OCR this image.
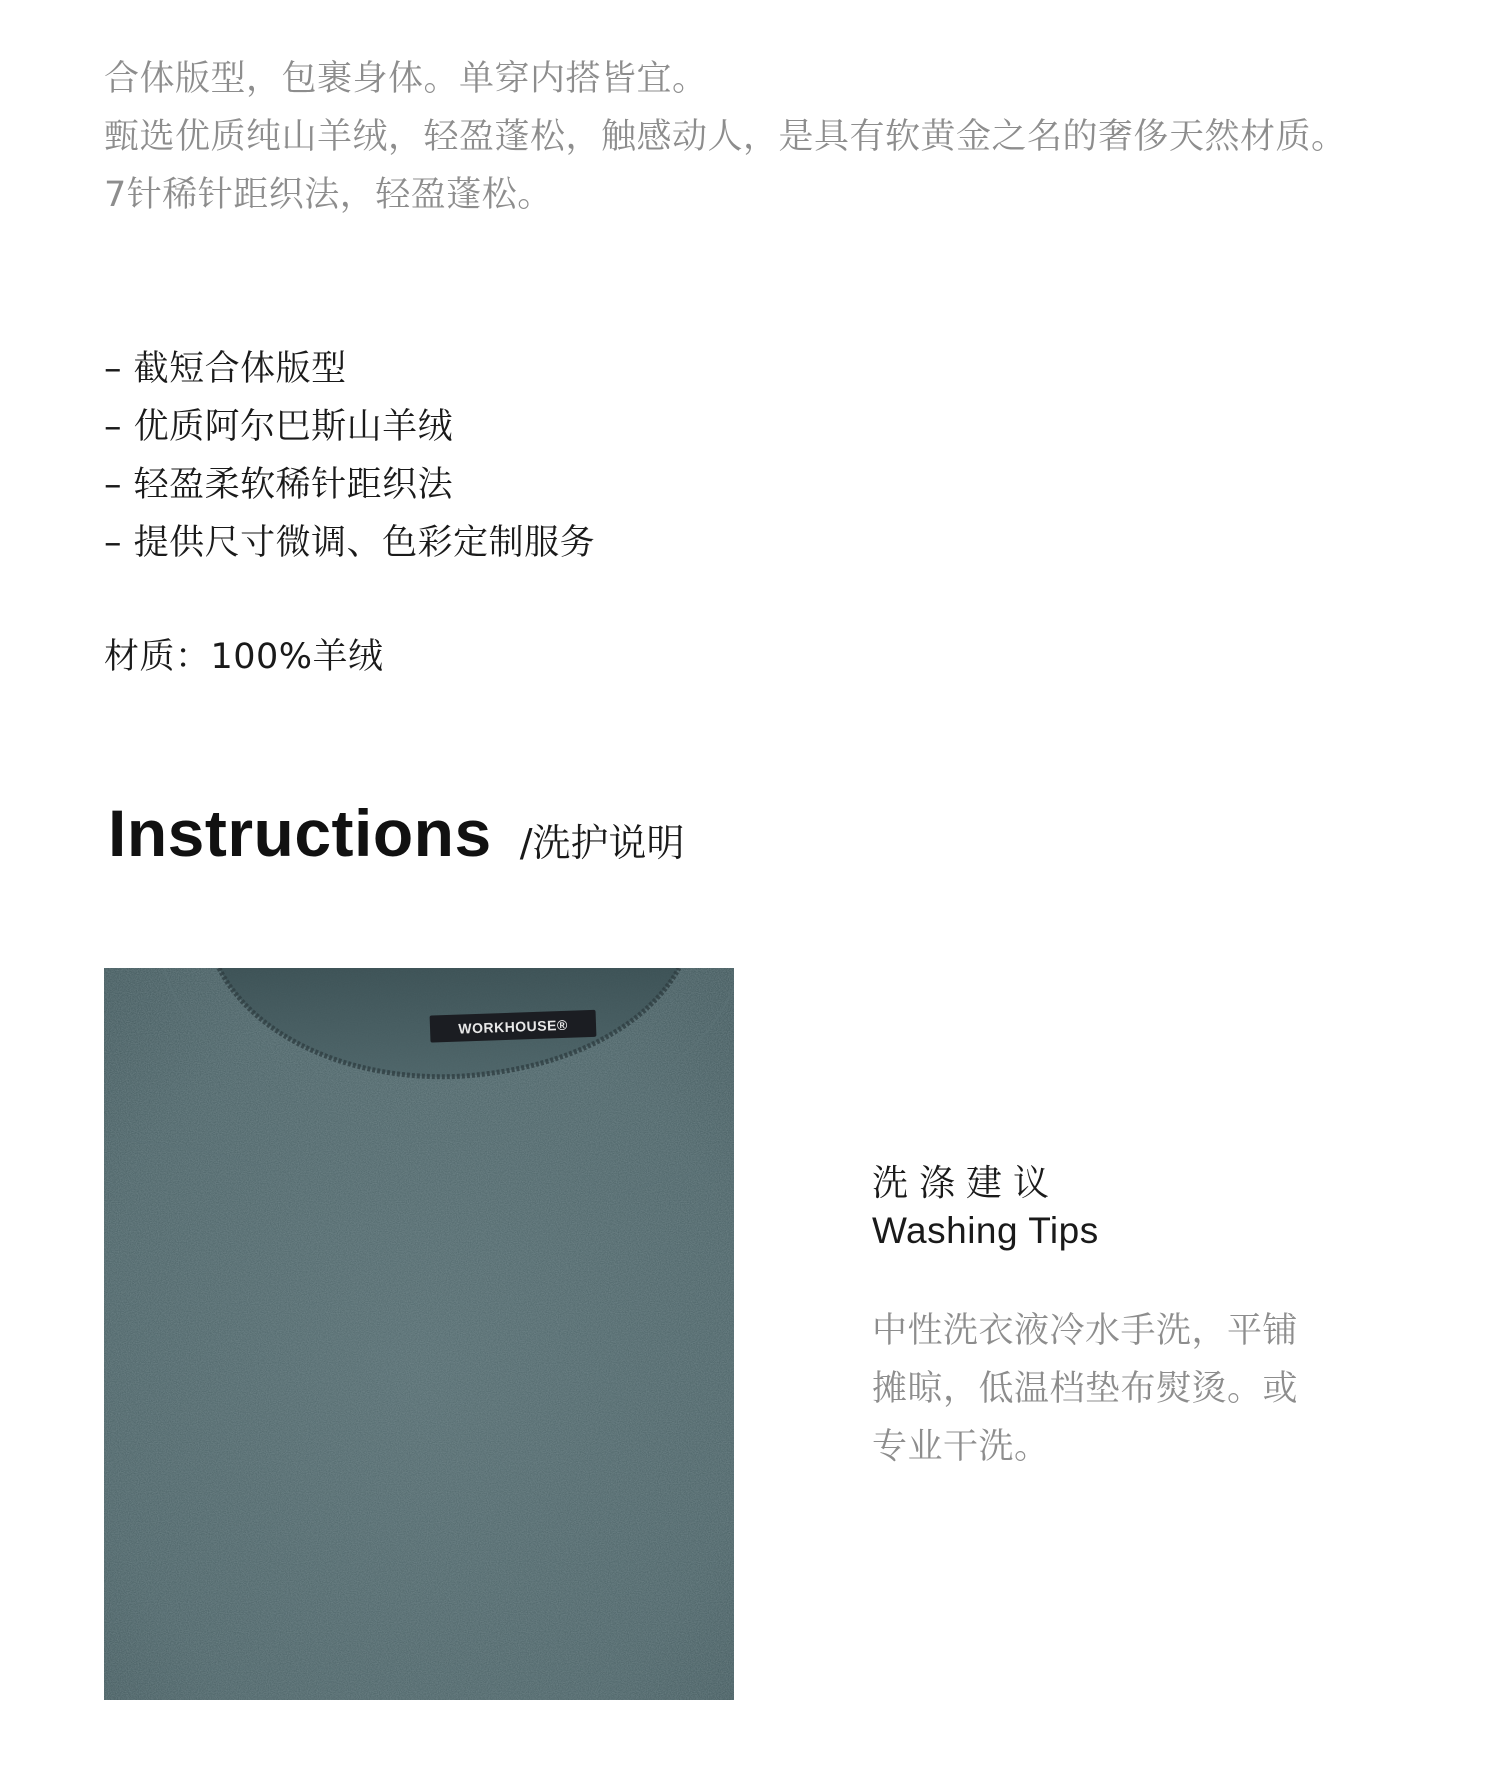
合体版型，包裹身体。单穿内搭皆宜。

甄选优质纯山羊绒，轻盈蓬松，触感动人，是具有软黄金之名的奢侈天然材质。

7针稀针距织法，轻盈蓬松。

– 截短合体版型

– 优质阿尔巴斯山羊绒

– 轻盈柔软稀针距织法

– 提供尺寸微调、色彩定制服务

材质：100%羊绒
Instructions /洗护说明
WORKHOUSE®
洗涤建议
Washing Tips

中性洗衣液冷水手洗，平铺

摊晾，低温档垫布熨烫。或

专业干洗。
